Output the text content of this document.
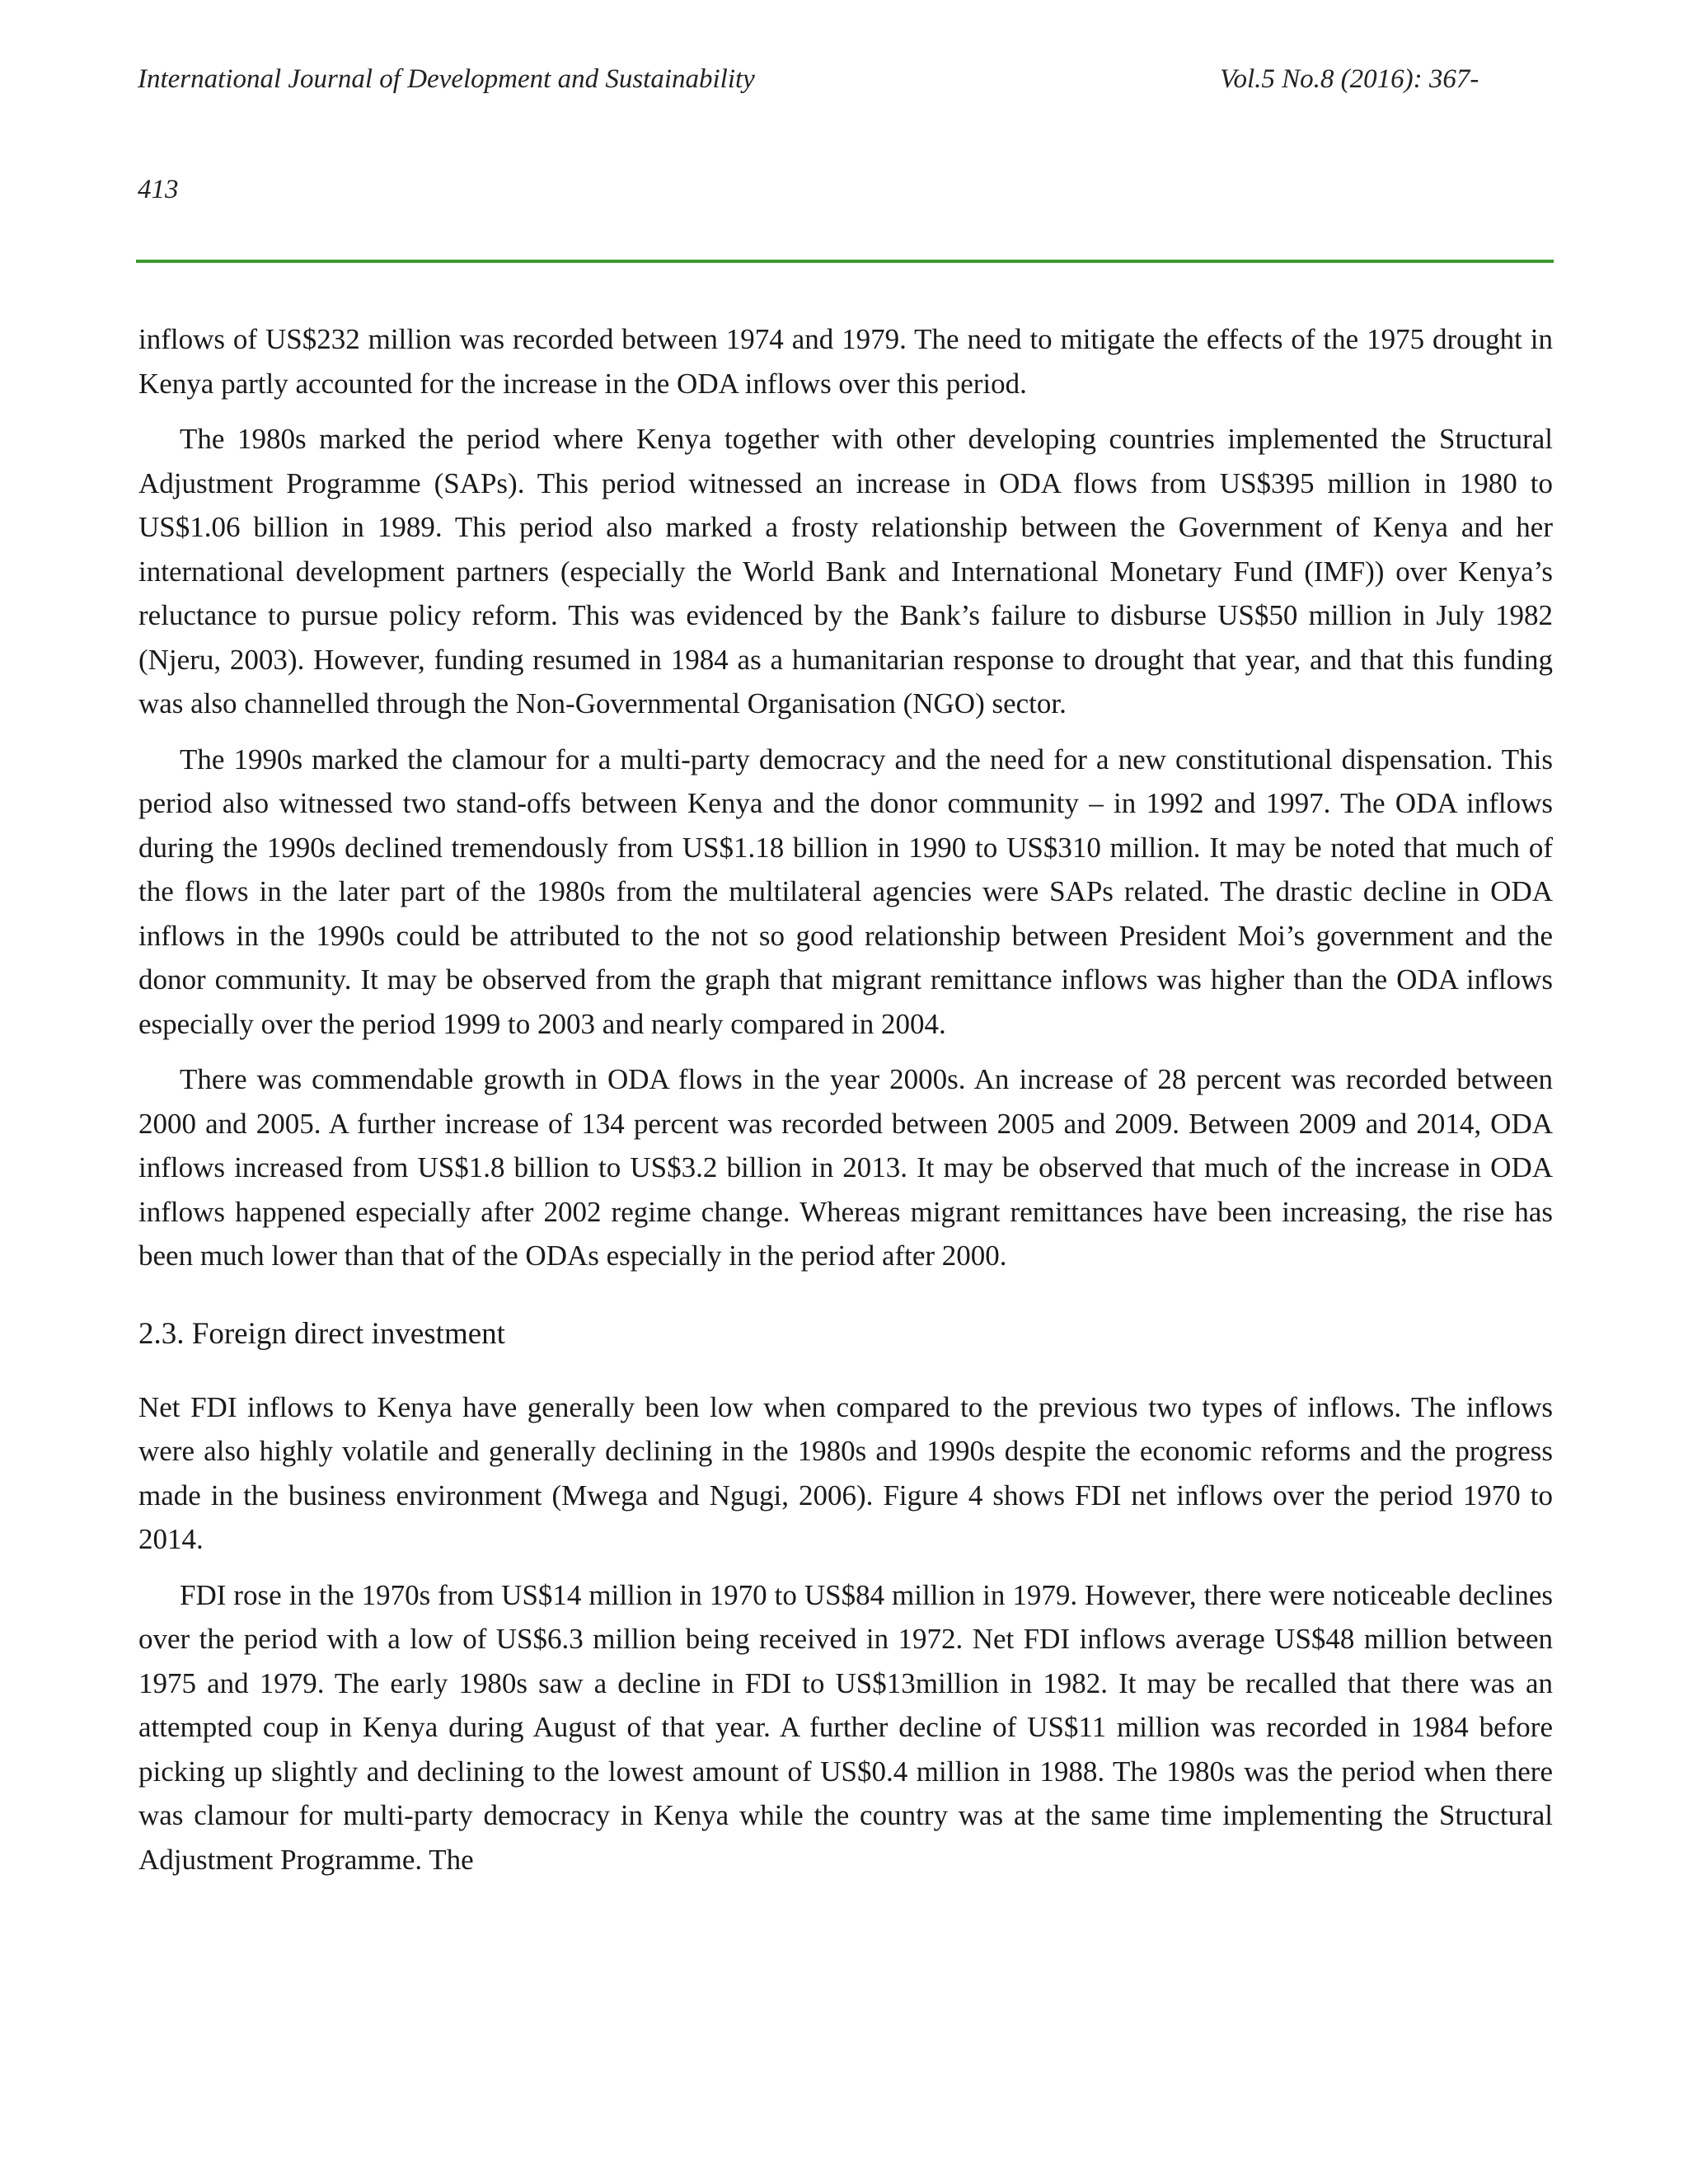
International Journal of Development and Sustainability	Vol.5 No.8 (2016): 367-
413

inflows of US$232 million was recorded between 1974 and 1979. The need to mitigate the effects of the 1975 drought in Kenya partly accounted for the increase in the ODA inflows over this period.

The 1980s marked the period where Kenya together with other developing countries implemented the Structural Adjustment Programme (SAPs). This period witnessed an increase in ODA flows from US$395 million in 1980 to US$1.06 billion in 1989. This period also marked a frosty relationship between the Government of Kenya and her international development partners (especially the World Bank and International Monetary Fund (IMF)) over Kenya’s reluctance to pursue policy reform. This was evidenced by the Bank’s failure to disburse US$50 million in July 1982 (Njeru, 2003). However, funding resumed in 1984 as a humanitarian response to drought that year, and that this funding was also channelled through the Non-Governmental Organisation (NGO) sector.

The 1990s marked the clamour for a multi-party democracy and the need for a new constitutional dispensation. This period also witnessed two stand-offs between Kenya and the donor community – in 1992 and 1997. The ODA inflows during the 1990s declined tremendously from US$1.18 billion in 1990 to US$310 million. It may be noted that much of the flows in the later part of the 1980s from the multilateral agencies were SAPs related. The drastic decline in ODA inflows in the 1990s could be attributed to the not so good relationship between President Moi’s government and the donor community. It may be observed from the graph that migrant remittance inflows was higher than the ODA inflows especially over the period 1999 to 2003 and nearly compared in 2004.

There was commendable growth in ODA flows in the year 2000s. An increase of 28 percent was recorded between 2000 and 2005. A further increase of 134 percent was recorded between 2005 and 2009. Between 2009 and 2014, ODA inflows increased from US$1.8 billion to US$3.2 billion in 2013. It may be observed that much of the increase in ODA inflows happened especially after 2002 regime change. Whereas migrant remittances have been increasing, the rise has been much lower than that of the ODAs especially in the period after 2000.

2.3. Foreign direct investment

Net FDI inflows to Kenya have generally been low when compared to the previous two types of inflows. The inflows were also highly volatile and generally declining in the 1980s and 1990s despite the economic reforms and the progress made in the business environment (Mwega and Ngugi, 2006). Figure 4 shows FDI net inflows over the period 1970 to 2014.

FDI rose in the 1970s from US$14 million in 1970 to US$84 million in 1979. However, there were noticeable declines over the period with a low of US$6.3 million being received in 1972. Net FDI inflows average US$48 million between 1975 and 1979. The early 1980s saw a decline in FDI to US$13million in 1982. It may be recalled that there was an attempted coup in Kenya during August of that year. A further decline of US$11 million was recorded in 1984 before picking up slightly and declining to the lowest amount of US$0.4 million in 1988. The 1980s was the period when there was clamour for multi-party democracy in Kenya while the country was at the same time implementing the Structural Adjustment Programme. The
